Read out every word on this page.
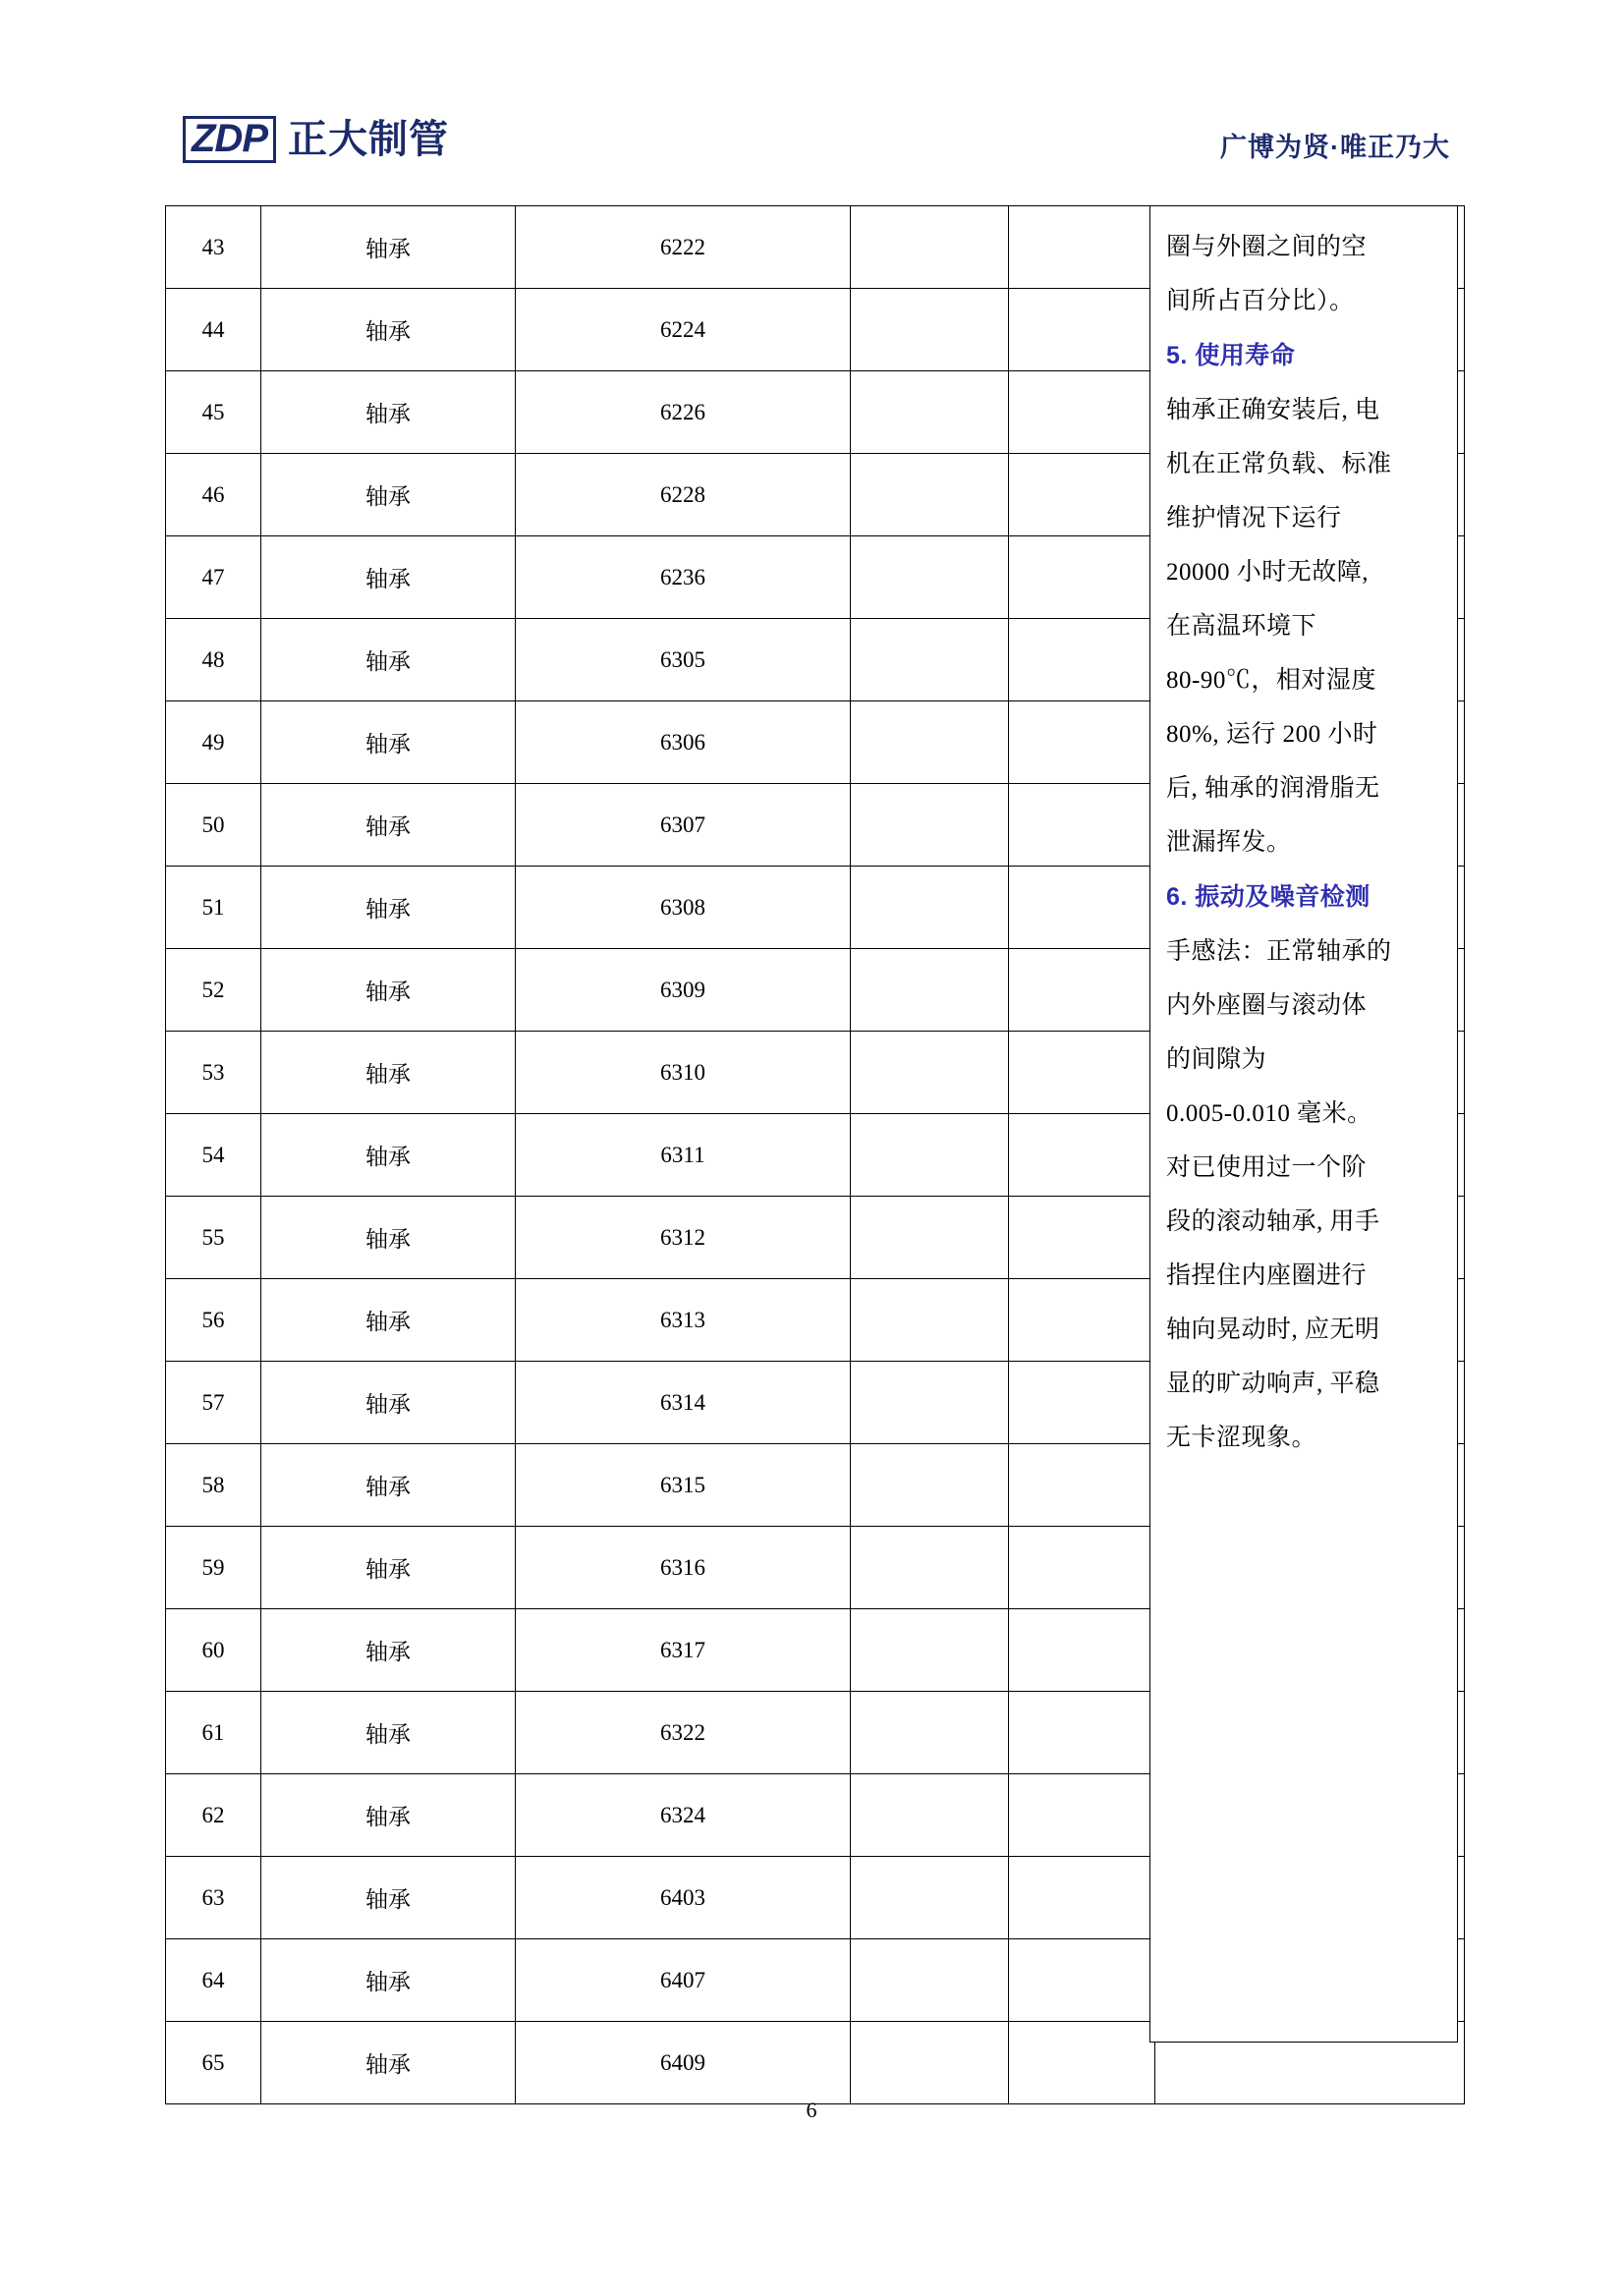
ZDP 正大制管	广博为贤·唯正乃大
43	轴承	6222			
44	轴承	6224			
45	轴承	6226			
46	轴承	6228			
47	轴承	6236			
48	轴承	6305			
49	轴承	6306			
50	轴承	6307			
51	轴承	6308			
52	轴承	6309			
53	轴承	6310			
54	轴承	6311			
55	轴承	6312			
56	轴承	6313			
57	轴承	6314			
58	轴承	6315			
59	轴承	6316			
60	轴承	6317			
61	轴承	6322			
62	轴承	6324			
63	轴承	6403			
64	轴承	6407			
65	轴承	6409			

圈与外圈之间的空

间所占百分比）。

5. 使用寿命

轴承正确安装后, 电

机在正常负载、标准

维护情况下运行

20000 小时无故障,

在高温环境下

80-90℃，相对湿度

80%, 运行 200 小时

后, 轴承的润滑脂无

泄漏挥发。

6. 振动及噪音检测

手感法：正常轴承的

内外座圈与滚动体

的间隙为

0.005-0.010 毫米。

对已使用过一个阶

段的滚动轴承, 用手

指捏住内座圈进行

轴向晃动时, 应无明

显的旷动响声, 平稳

无卡涩现象。

6
